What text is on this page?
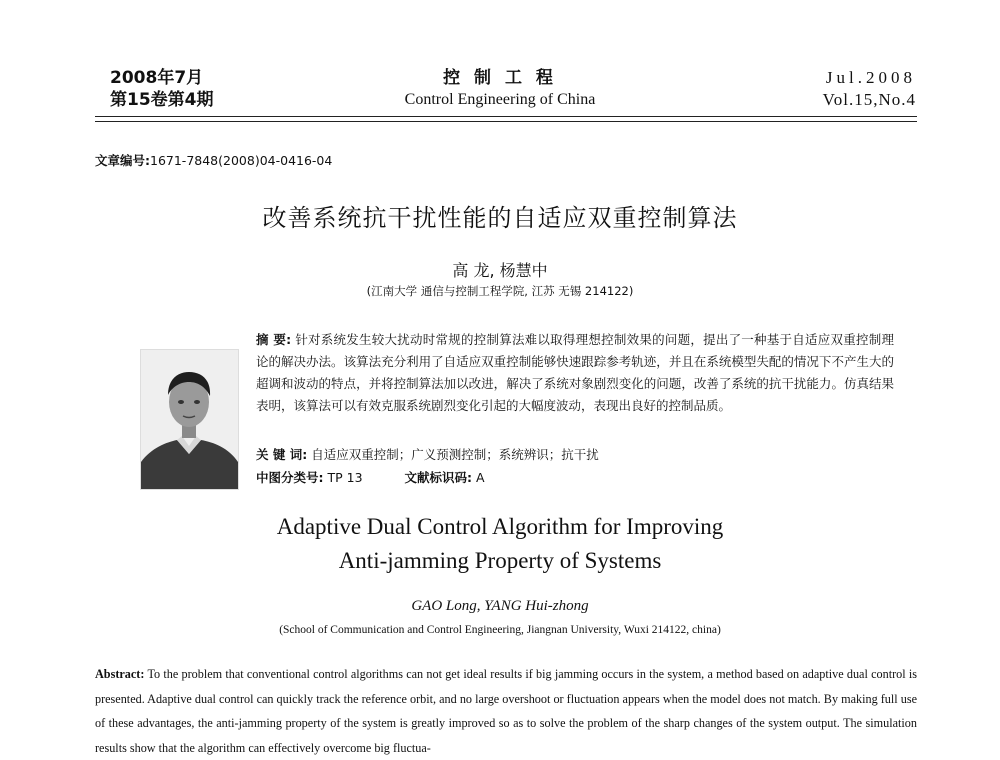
2008年7月
第15卷第4期
控 制 工 程
Control Engineering of China
Jul.2008
Vol.15,No.4
文章编号:1671-7848(2008)04-0416-04
改善系统抗干扰性能的自适应双重控制算法
高 龙, 杨慧中
(江南大学 通信与控制工程学院, 江苏 无锡 214122)
摘 要: 针对系统发生较大扰动时常规的控制算法难以取得理想控制效果的问题，提出了一种基于自适应双重控制理论的解决办法。该算法充分利用了自适应双重控制能够快速跟踪参考轨迹，并且在系统模型失配的情况下不产生大的超调和波动的特点，并将控制算法加以改进，解决了系统对象剧烈变化的问题，改善了系统的抗干扰能力。仿真结果表明，该算法可以有效克服系统剧烈变化引起的大幅度波动，表现出良好的控制品质。
关 键 词: 自适应双重控制；广义预测控制；系统辨识；抗干扰
中图分类号: TP 13	文献标识码: A
Adaptive Dual Control Algorithm for Improving
Anti-jamming Property of Systems
GAO Long, YANG Hui-zhong
(School of Communication and Control Engineering, Jiangnan University, Wuxi 214122, china)
Abstract: To the problem that conventional control algorithms can not get ideal results if big jamming occurs in the system, a method based on adaptive dual control is presented. Adaptive dual control can quickly track the reference orbit, and no large overshoot or fluctuation appears when the model does not match. By making full use of these advantages, the anti-jamming property of the system is greatly improved so as to solve the problem of the sharp changes of the system output. The simulation results show that the algorithm can effectively overcome big fluctua-
